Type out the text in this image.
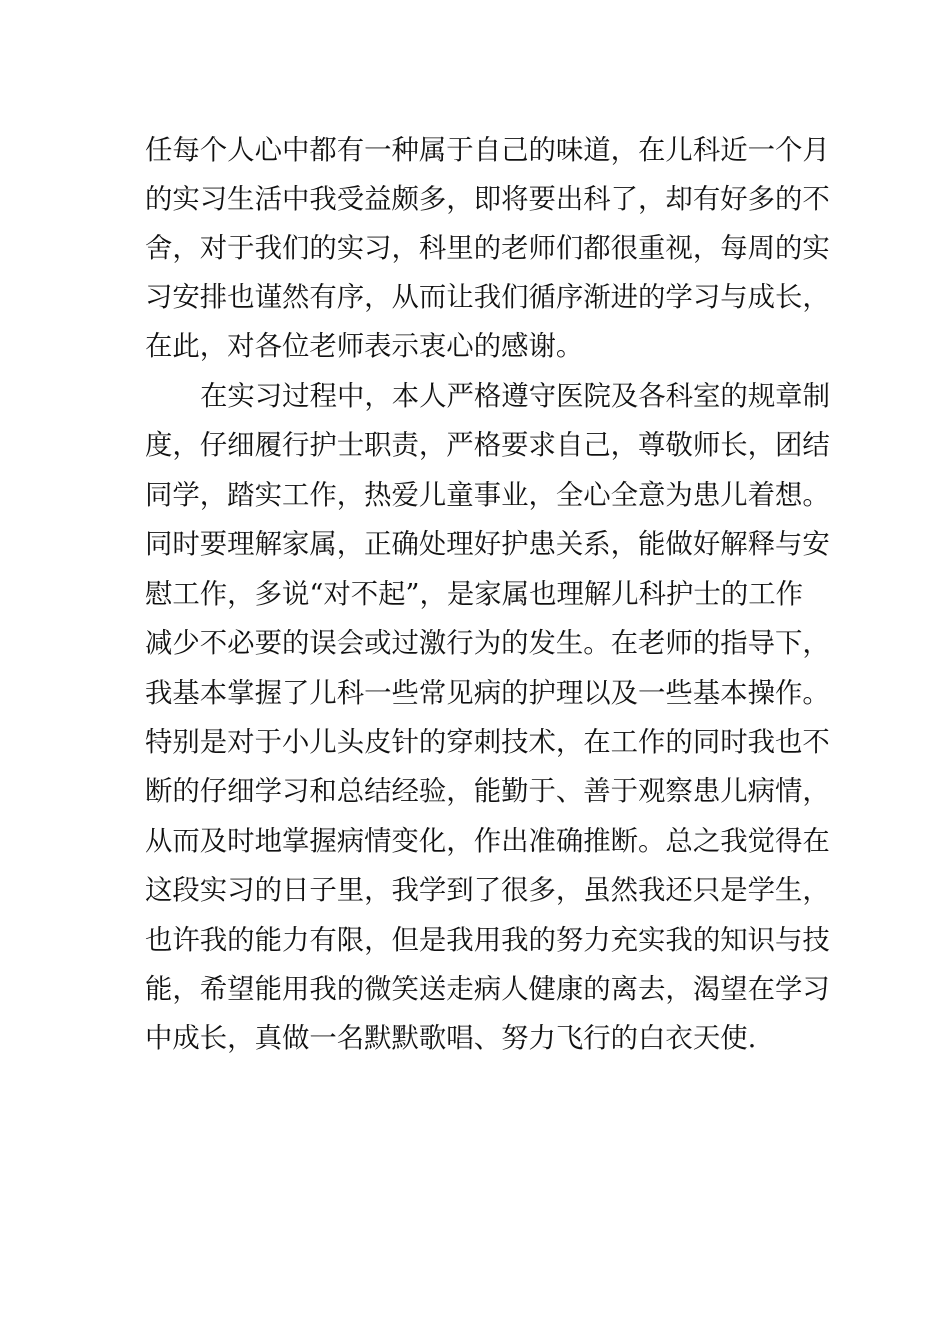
任每个人心中都有一种属于自己的味道，在儿科近一个月
的实习生活中我受益颇多，即将要出科了，却有好多的不
舍，对于我们的实习，科里的老师们都很重视，每周的实
习安排也谨然有序，从而让我们循序渐进的学习与成长，
在此，对各位老师表示衷心的感谢。
在实习过程中，本人严格遵守医院及各科室的规章制
度，仔细履行护士职责，严格要求自己，尊敬师长，团结
同学，踏实工作，热爱儿童事业，全心全意为患儿着想。
同时要理解家属，正确处理好护患关系，能做好解释与安
慰工作，多说“对不起”，是家属也理解儿科护士的工作
减少不必要的误会或过激行为的发生。在老师的指导下，
我基本掌握了儿科一些常见病的护理以及一些基本操作。
特别是对于小儿头皮针的穿刺技术，在工作的同时我也不
断的仔细学习和总结经验，能勤于、善于观察患儿病情，
从而及时地掌握病情变化，作出准确推断。总之我觉得在
这段实习的日子里，我学到了很多，虽然我还只是学生，
也许我的能力有限，但是我用我的努力充实我的知识与技
能，希望能用我的微笑送走病人健康的离去，渴望在学习
中成长，真做一名默默歌唱、努力飞行的白衣天使.
